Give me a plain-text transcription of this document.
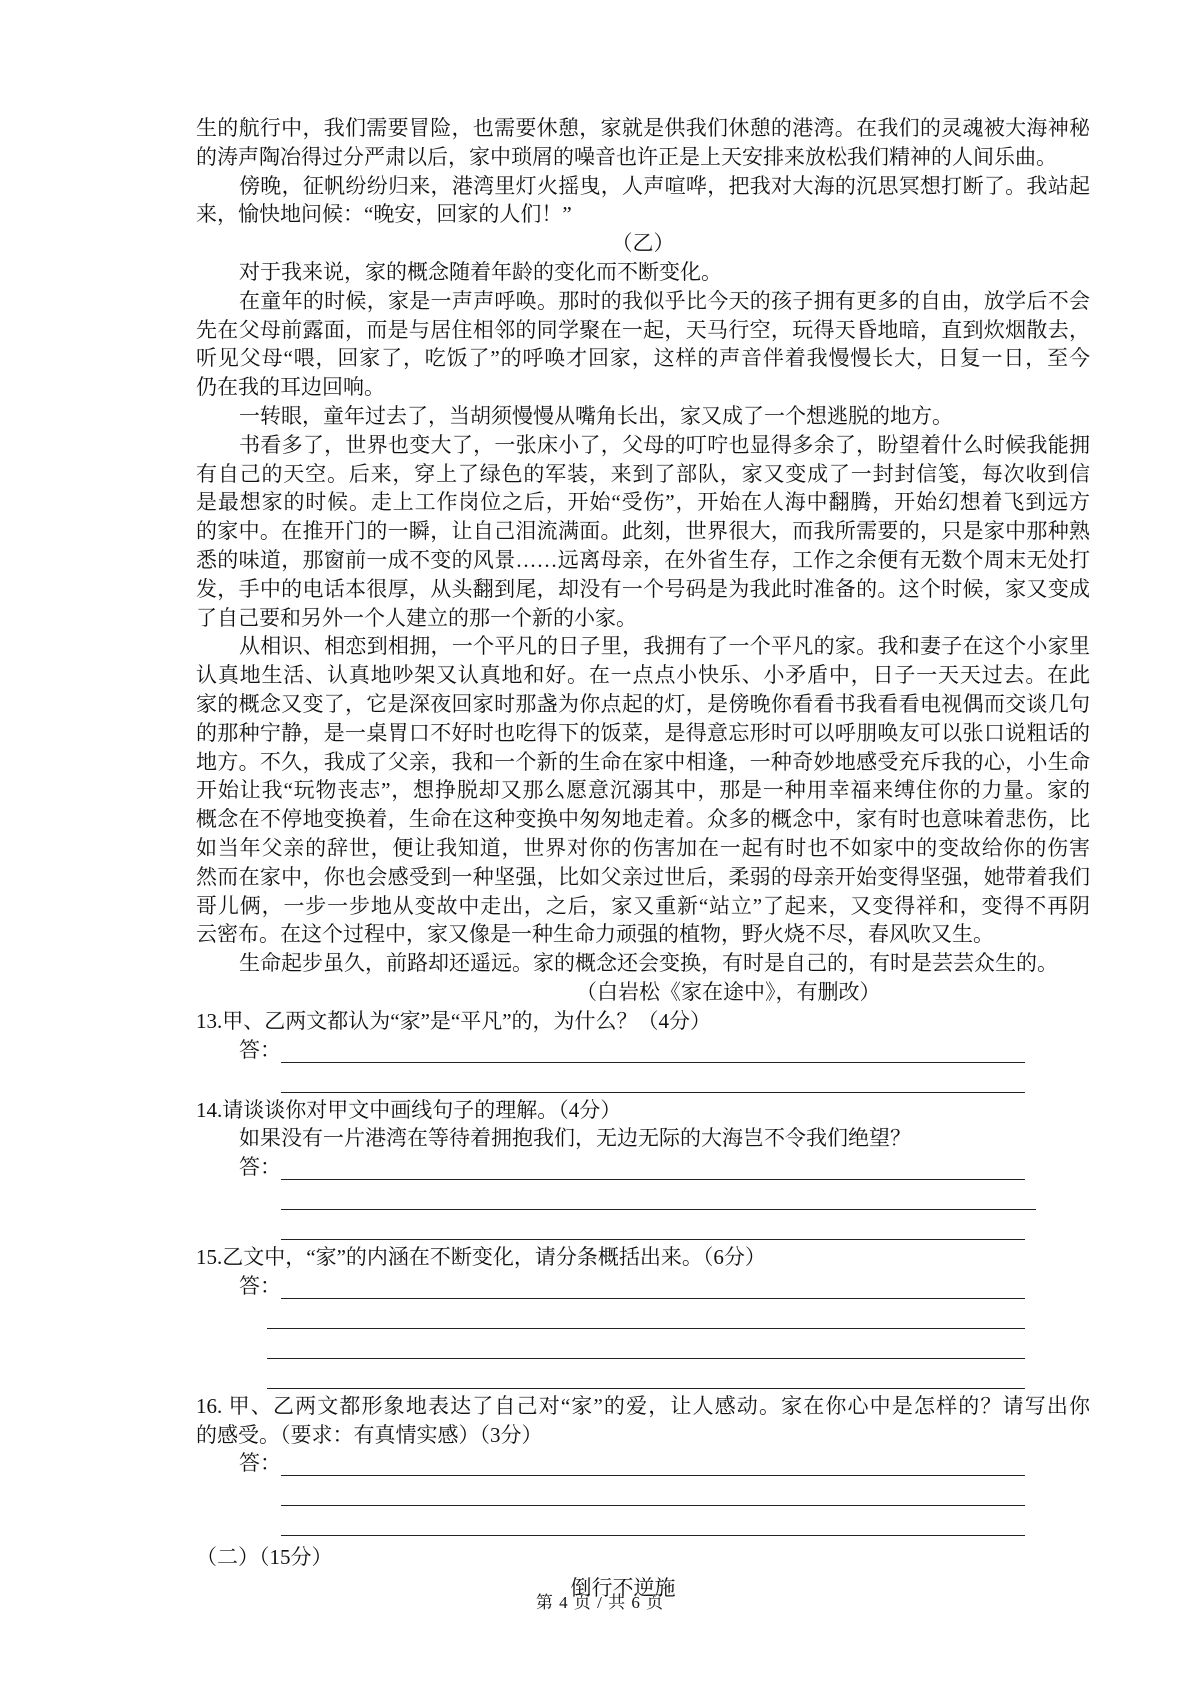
生的航行中，我们需要冒险，也需要休憩，家就是供我们休憩的港湾。在我们的灵魂被大海神秘
的涛声陶冶得过分严肃以后，家中琐屑的噪音也许正是上天安排来放松我们精神的人间乐曲。
傍晚，征帆纷纷归来，港湾里灯火摇曳，人声喧哗，把我对大海的沉思冥想打断了。我站起
来，愉快地问候：“晚安，回家的人们！”
（乙）
对于我来说，家的概念随着年龄的变化而不断变化。
在童年的时候，家是一声声呼唤。那时的我似乎比今天的孩子拥有更多的自由，放学后不会
先在父母前露面，而是与居住相邻的同学聚在一起，天马行空，玩得天昏地暗，直到炊烟散去，
听见父母“喂，回家了，吃饭了”的呼唤才回家，这样的声音伴着我慢慢长大，日复一日，至今
仍在我的耳边回响。
一转眼，童年过去了，当胡须慢慢从嘴角长出，家又成了一个想逃脱的地方。
书看多了，世界也变大了，一张床小了，父母的叮咛也显得多余了，盼望着什么时候我能拥
有自己的天空。后来，穿上了绿色的军装，来到了部队，家又变成了一封封信笺，每次收到信
是最想家的时候。走上工作岗位之后，开始“受伤”，开始在人海中翻腾，开始幻想着飞到远方
的家中。在推开门的一瞬，让自己泪流满面。此刻，世界很大，而我所需要的，只是家中那种熟
悉的味道，那窗前一成不变的风景……远离母亲，在外省生存，工作之余便有无数个周末无处打
发，手中的电话本很厚，从头翻到尾，却没有一个号码是为我此时准备的。这个时候，家又变成
了自己要和另外一个人建立的那一个新的小家。
从相识、相恋到相拥，一个平凡的日子里，我拥有了一个平凡的家。我和妻子在这个小家里
认真地生活、认真地吵架又认真地和好。在一点点小快乐、小矛盾中，日子一天天过去。在此
家的概念又变了，它是深夜回家时那盏为你点起的灯，是傍晚你看看书我看看电视偶而交谈几句
的那种宁静，是一桌胃口不好时也吃得下的饭菜，是得意忘形时可以呼朋唤友可以张口说粗话的
地方。不久，我成了父亲，我和一个新的生命在家中相逢，一种奇妙地感受充斥我的心，小生命
开始让我“玩物丧志”，想挣脱却又那么愿意沉溺其中，那是一种用幸福来缚住你的力量。家的
概念在不停地变换着，生命在这种变换中匆匆地走着。众多的概念中，家有时也意味着悲伤，比
如当年父亲的辞世，便让我知道，世界对你的伤害加在一起有时也不如家中的变故给你的伤害
然而在家中，你也会感受到一种坚强，比如父亲过世后，柔弱的母亲开始变得坚强，她带着我们
哥儿俩，一步一步地从变故中走出，之后，家又重新“站立”了起来，又变得祥和，变得不再阴
云密布。在这个过程中，家又像是一种生命力顽强的植物，野火烧不尽，春风吹又生。
生命起步虽久，前路却还遥远。家的概念还会变换，有时是自己的，有时是芸芸众生的。
（白岩松《家在途中》，有删改）
13.甲、乙两文都认为“家”是“平凡”的，为什么？（4分）
答：
14.请谈谈你对甲文中画线句子的理解。（4分）
如果没有一片港湾在等待着拥抱我们，无边无际的大海岂不令我们绝望？
答：
15.乙文中，“家”的内涵在不断变化，请分条概括出来。（6分）
答：
16. 甲、乙两文都形象地表达了自己对“家”的爱，让人感动。家在你心中是怎样的？请写出你
的感受。（要求：有真情实感）（3分）
答：
（二）（15分）
倒行不逆施
第 4 页 / 共 6 页
